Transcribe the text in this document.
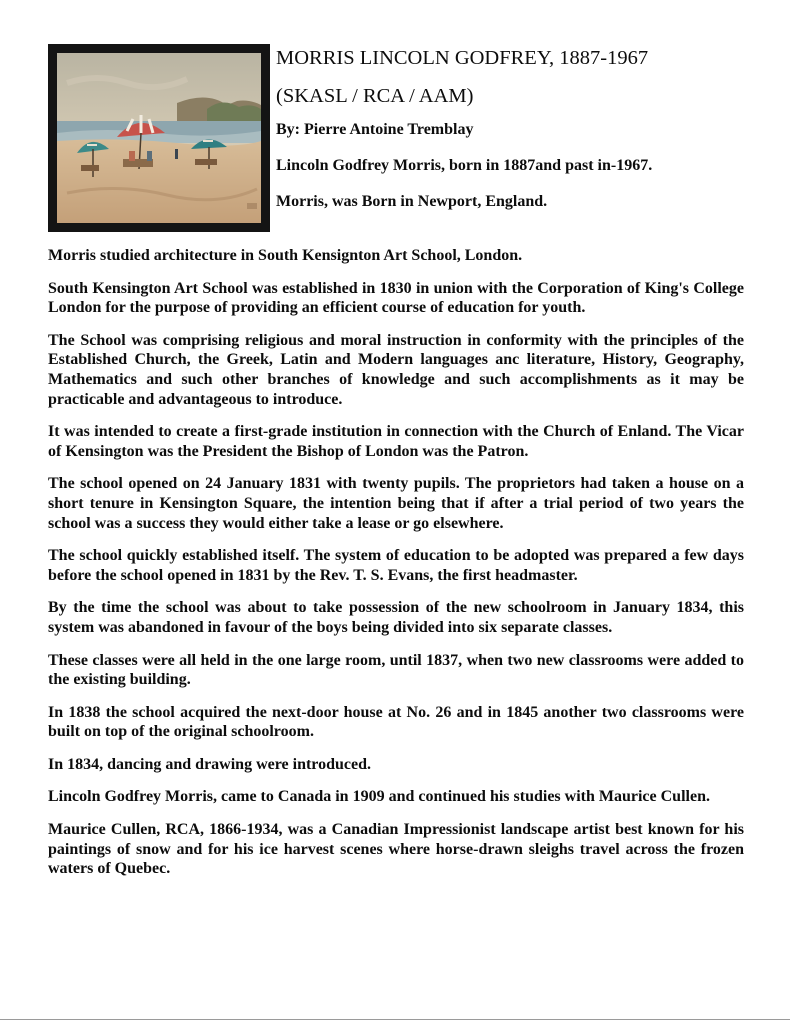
MORRIS LINCOLN GODFREY, 1887-1967
(SKASL / RCA / AAM)

By: Pierre Antoine Tremblay

Lincoln Godfrey Morris, born in 1887and past in-1967.

Morris, was Born in Newport, England.

Morris studied architecture in South Kensignton Art School, London.

South Kensington Art School was established in 1830 in union with the Corporation of King's College London for the purpose of providing an efficient course of education for youth.

The School was comprising religious and moral instruction in conformity with the principles of the Established Church, the Greek, Latin and Modern languages anc literature, History, Geography, Mathematics and such other branches of knowledge and such accomplishments as it may be practicable and advantageous to introduce.

It was intended to create a first-grade institution in connection with the Church of Enland. The Vicar of Kensington was the President the Bishop of London was the Patron.

The school opened on 24 January 1831 with twenty pupils. The proprietors had taken a house on a short tenure in Kensington Square, the intention being that if after a trial period of two years the school was a success they would either take a lease or go elsewhere.

The school quickly established itself. The system of education to be adopted was prepared a few days before the school opened in 1831 by the Rev. T. S. Evans, the first headmaster.

By the time the school was about to take possession of the new schoolroom in January 1834, this system was abandoned in favour of the boys being divided into six separate classes.

These classes were all held in the one large room, until 1837, when two new classrooms were added to the existing building.

In 1838 the school acquired the next-door house at No. 26 and in 1845 another two classrooms were built on top of the original schoolroom.

In 1834, dancing and drawing were introduced.

Lincoln Godfrey Morris, came to Canada in 1909 and continued his studies with Maurice Cullen.

Maurice Cullen, RCA, 1866-1934, was a Canadian Impressionist landscape artist best known for his paintings of snow and for his ice harvest scenes where horse-drawn sleighs travel across the frozen waters of Quebec.
